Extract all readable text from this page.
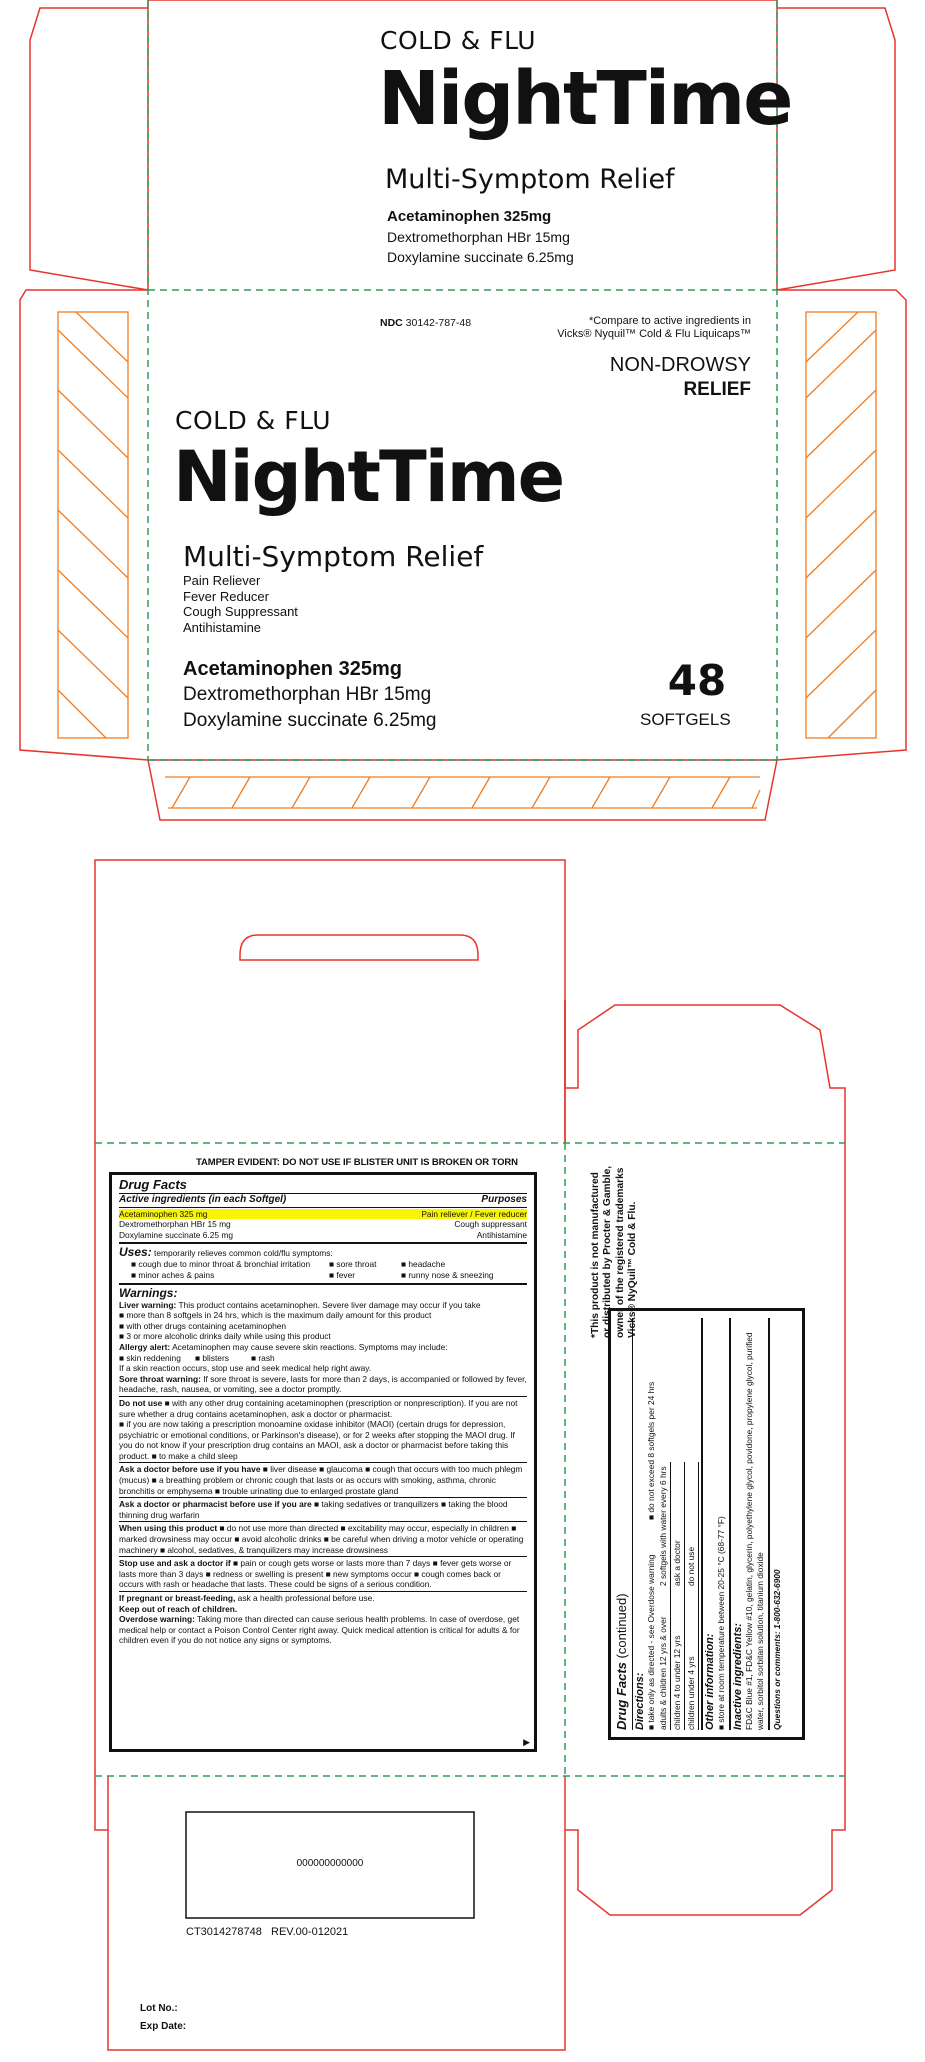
COLD & FLU
NightTime
Multi-Symptom Relief
Acetaminophen 325mg
Dextromethorphan HBr 15mg
Doxylamine succinate 6.25mg
NDC 30142-787-48	*Compare to active ingredients in
Vicks® Nyquil™ Cold & Flu Liquicaps™
NON-DROWSY
RELIEF
COLD & FLU
NightTime
Multi-Symptom Relief
Pain Reliever
Fever Reducer
Cough Suppressant
Antihistamine
Acetaminophen 325mg
Dextromethorphan HBr 15mg
Doxylamine succinate 6.25mg
48
SOFTGELS
TAMPER EVIDENT: DO NOT USE IF BLISTER UNIT IS BROKEN OR TORN
Drug Facts
Active ingredients (in each Softgel)	Purposes
Acetaminophen 325 mg	Pain reliever / Fever reducer
Dextromethorphan HBr 15 mg	Cough suppressant
Doxylamine succinate 6.25 mg	Antihistamine

Uses: temporarily relieves common cold/flu symptoms:

■ cough due to minor throat & bronchial irritation	■ sore throat	■ headache
■ minor aches & pains	■ fever	■ runny nose & sneezing
Warnings:

Liver warning: This product contains acetaminophen. Severe liver damage may occur if you take

■ more than 8 softgels in 24 hrs, which is the maximum daily amount for this product

■ with other drugs containing acetaminophen

■ 3 or more alcoholic drinks daily while using this product

Allergy alert: Acetaminophen may cause severe skin reactions. Symptoms may include:

■ skin reddening	■ blisters	■ rash

If a skin reaction occurs, stop use and seek medical help right away.

Sore throat warning: If sore throat is severe, lasts for more than 2 days, is accompanied or followed by fever, headache, rash, nausea, or vomiting, see a doctor promptly.

Do not use ■ with any other drug containing acetaminophen (prescription or nonprescription). If you are not sure whether a drug contains acetaminophen, ask a doctor or pharmacist.

■ if you are now taking a prescription monoamine oxidase inhibitor (MAOI) (certain drugs for depression, psychiatric or emotional conditions, or Parkinson's disease), or for 2 weeks after stopping the MAOI drug. If you do not know if your prescription drug contains an MAOI, ask a doctor or pharmacist before taking this product. ■ to make a child sleep

Ask a doctor before use if you have ■ liver disease ■ glaucoma ■ cough that occurs with too much phlegm (mucus) ■ a breathing problem or chronic cough that lasts or as occurs with smoking, asthma, chronic bronchitis or emphysema ■ trouble urinating due to enlarged prostate gland

Ask a doctor or pharmacist before use if you are ■ taking sedatives or tranquilizers ■ taking the blood thinning drug warfarin

When using this product ■ do not use more than directed ■ excitability may occur, especially in children ■ marked drowsiness may occur ■ avoid alcoholic drinks ■ be careful when driving a motor vehicle or operating machinery ■ alcohol, sedatives, & tranquilizers may increase drowsiness

Stop use and ask a doctor if ■ pain or cough gets worse or lasts more than 7 days ■ fever gets worse or lasts more than 3 days ■ redness or swelling is present ■ new symptoms occur ■ cough comes back or occurs with rash or headache that lasts. These could be signs of a serious condition.

If pregnant or breast-feeding, ask a health professional before use.

Keep out of reach of children.

Overdose warning: Taking more than directed can cause serious health problems. In case of overdose, get medical help or contact a Poison Control Center right away. Quick medical attention is critical for adults & for children even if you do not notice any signs or symptoms.

▶
*This product is not manufactured or distributed by Procter & Gamble, owner of the registered trademarks Vicks® NyQuil™ Cold & Flu.
Drug Facts (continued)
Directions: ■ take only as directed - see Overdose warning
■ do not exceed 8 softgels per 24 hrs
adults & children 12 yrs & over	2 softgels with water every 6 hrs
children 4 to under 12 yrs	ask a doctor
children under 4 yrs	do not use
Other information: ■ store at room temperature between 20-25 °C (68-77 °F) Inactive ingredients: FD&C Blue #1, FD&C Yellow #10, gelatin, glycerin, polyethylene glycol, povidone, propylene glycol, purified water, sorbitol sorbitan solution, titanium dioxide Questions or comments: 1-800-632-6900
000000000000
CT3014278748   REV.00-012021
Lot No.:
Exp Date:
